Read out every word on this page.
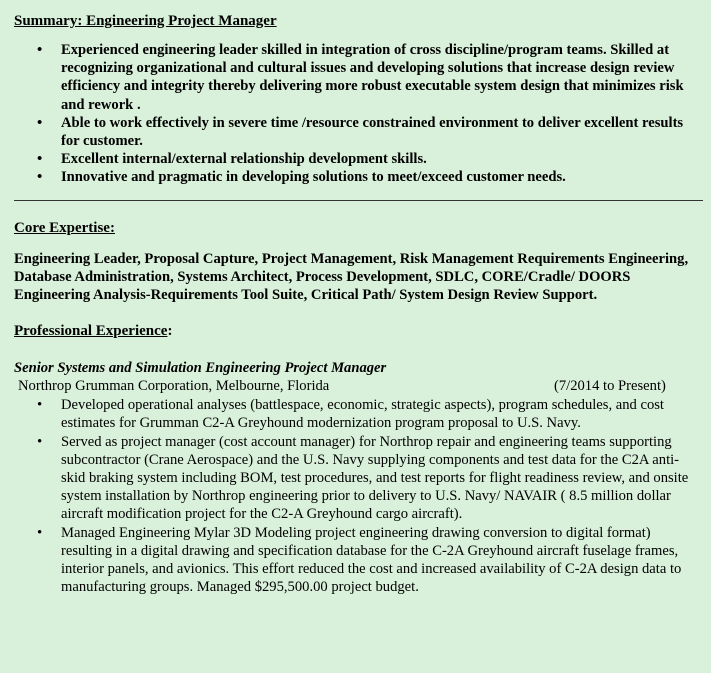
Summary: Engineering Project Manager

• Experienced engineering leader skilled in integration of cross discipline/program teams. Skilled at recognizing organizational and cultural issues and developing solutions that increase design review efficiency and integrity thereby delivering more robust executable system design that minimizes risk and rework .
• Able to work effectively in severe time /resource constrained environment to deliver excellent results for customer.
• Excellent internal/external relationship development skills.
• Innovative and pragmatic in developing solutions to meet/exceed customer needs.

Core Expertise:

Engineering Leader, Proposal Capture, Project Management, Risk Management Requirements Engineering, Database Administration, Systems Architect, Process Development, SDLC, CORE/Cradle/ DOORS Engineering Analysis-Requirements Tool Suite, Critical Path/ System Design Review Support.

Professional Experience:

Senior Systems and Simulation Engineering Project Manager

Northrop Grumman Corporation, Melbourne, Florida	(7/2014 to Present)

• Developed operational analyses (battlespace, economic, strategic aspects), program schedules, and cost estimates for Grumman C2-A Greyhound modernization program proposal to U.S. Navy.
• Served as project manager (cost account manager) for Northrop repair and engineering teams supporting subcontractor (Crane Aerospace) and the U.S. Navy supplying components and test data for the C2A anti-skid braking system including BOM, test procedures, and test reports for flight readiness review, and onsite system installation by Northrop engineering prior to delivery to U.S. Navy/ NAVAIR ( 8.5 million dollar aircraft modification project for the C2-A Greyhound cargo aircraft).
• Managed Engineering Mylar 3D Modeling project engineering drawing conversion to digital format) resulting in a digital drawing and specification database for the C-2A Greyhound aircraft fuselage frames, interior panels, and avionics. This effort reduced the cost and increased availability of C-2A design data to manufacturing groups. Managed $295,500.00 project budget.
